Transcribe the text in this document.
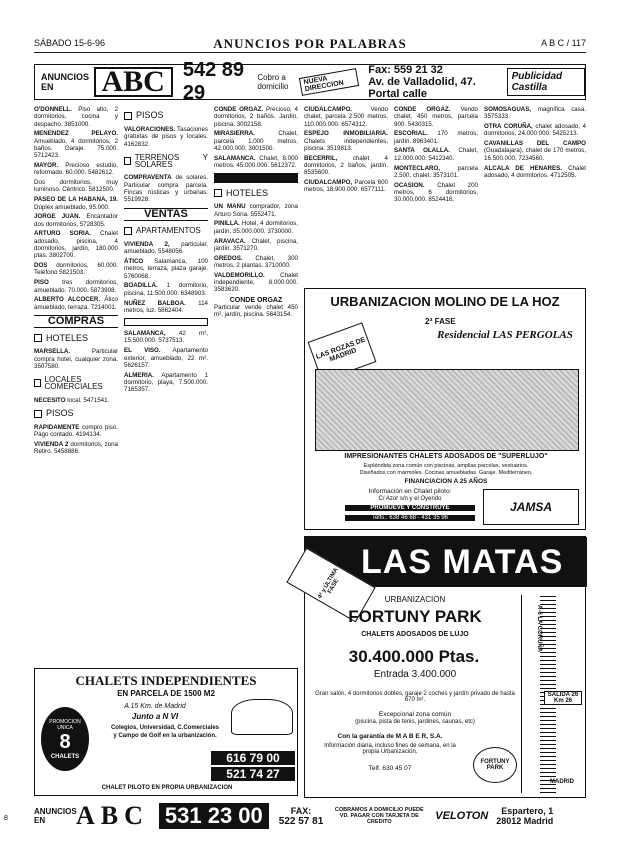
SÁBADO 15-6-96	ANUNCIOS POR PALABRAS	A B C / 117
ANUNCIOS EN	ABC 542 89 29
Cobro a domicilio
NUEVA DIRECCION
Fax: 559 21 32
Av. de Valladolid, 47. Portal calle
Publicidad Castilla

O'DONNELL. Piso alto, 2 dormitorios, cocina y despacho. 3851000.

MENENDEZ PELAYO. Amueblado, 4 dormitorios, 2 baños. Garaje. 75.000. 5712423.

MAYOR. Precioso estudio, reformado. 60.000. 5482612.

Dos dormitorios, muy luminoso. Céntrico. 5812500.

PASEO DE LA HABANA, 19. Dúplex amueblado, 95.000.

JORGE JUAN. Encantador dos dormitorios, 5728305.

ARTURO SORIA. Chalet adosado, piscina, 4 dormitorios, jardín, 180.000 ptas. 3802700.

DOS dormitorios, 60.000. Teléfono 5821503.

PISO tres dormitorios, amueblado. 70.000. 5873908.

ALBERTO ALCOCER. Ático amueblado, terraza. 7214001.

COMPRAS
HOTELES

MARSELLA.	Particular compra hotel, cualquier zona. 3507580.

LOCALES COMERCIALES

NECESITO local. 5471541.

PISOS

RAPIDAMENTE compro piso. Pago contado. 4194134.

VIVIENDA 2 dormitorios, zona Retiro. 5458886.

PISOS

VALORACIONES. Tasaciones gratuitas de pisos y locales. 4162832.

TERRENOS Y SOLARES

COMPRAVENTA de solares. Particular compra parcela. Fincas rústicas y urbanas. 5519928.

VENTAS
APARTAMENTOS

VIVIENDA 2, particular, amueblado, 5548056.

ÁTICO Salamanca, 100 metros, terraza, plaza garaje. 5760068.

BOADILLA. 1 dormitorio, piscina, 11.500.000. 6348903.

NUÑEZ BALBOA. 114 metros, luz. 5862404.

SALAMANCA, 42 m², 15.500.000. 5737513.

EL VISO. Apartamento exterior, amueblado, 22 m². 5626157.

ALMERIA. Apartamento 1 dormitorio, playa, 7.500.000. 7165357.

CONDE ORGAZ. Precioso, 4 dormitorios, 2 baños. Jardín, piscina. 3002158.

MIRASIERRA.	Chalet, parcela 1.000 metros, 42.000.000. 3001500.

SALAMANCA. Chalet, 8.000 metros. 45.000.000. 5612372.

HOTELES

UN MANU comprador, zona Arturo Soria. 5552471.

PINILLA. Hotel, 4 dormitorios, jardín, 35.000.000. 3730000.

ARAVACA. Chalet, piscina, jardín. 3571270.

GREDOS. Chalet, 300 metros, 2 plantas. 3710000.

VALDEMORILLO. Chalet independiente, 8.000.000. 3583620.

CONDE ORGAZ

Particular vende chalet 450 m², jardín, piscina. 5643154.

CIUDALCAMPO.	Vendo chalet, parcela 2.500 metros, 110.000.000. 6574312.

ESPEJO INMOBILIARIA. Chalets independientes, piscina. 3519813.

BECERRIL, chalet 4 dormitorios, 2 baños, jardín. 8535600.

CIUDALCAMPO, Parcela 600 metros, 18.900.000. 6577111.

CONDE ORGAZ. Vendo chalet, 450 metros, parcela 900. 5430315.

ESCORIAL. 170 metros, jardín. 8963401.

SANTA OLALLA. Chalet, 12.000.000. 5412340.

MONTECLARO,	parcela 2.500, chalet. 3573101.

OCASION. Chalet 200 metros, 6 dormitorios, 30.000.000. 8524416.

SOMOSAGUAS, magnífica casa. 3575333.

OTRA CORUÑA, chalet adosado, 4 dormitorios, 24.000.000. 5425213.

CAVANILLAS DEL CAMPO (Guadalajara), chalet de 170 metros, 16.500.000. 7234560.

ALCALA DE HENARES. Chalet adosado, 4 dormitorios. 4712505.

URBANIZACION MOLINO DE LA HOZ
2ª FASE
Residencial LAS PERGOLAS
LAS ROZAS DE MADRID
IMPRESIONANTES CHALETS ADOSADOS DE "SUPERLUJO"
Espléndida zona común con piscinas, amplias parcelas, vestuarios.
Diseñados con mármoles. Cocinas amuebladas. Garaje. Mediterráneo.
FINANCIACION A 25 AÑOS
Información en Chalet piloto:
C/ Azor s/n y el Oyendo
PROMUEVE Y CONSTRUYE
Telfs.: 638 46 68 - 431 35 96
JAMSA
LAS MATAS
4ª y ÚLTIMA FASE
URBANIZACION
FORTUNY PARK
CHALETS ADOSADOS DE LUJO
30.400.000 Ptas.
Entrada 3.400.000
Gran salón, 4 dormitorios dobles, garaje 2 coches y jardín privado de hasta 670 m².
Excepcional zona común
(piscina, pista de tenis, jardines, saunas, etc)
Con la garantía de M A B E R, S.A.
Información diaria, incluso fines de semana, en la propia Urbanización.
Telf. 630 45 07
FORTUNY PARK
A-6 LA CORUÑA
SALIDA 26 Km 26
MADRID
CHALETS INDEPENDIENTES
EN PARCELA DE 1500 M2
A 15 Km. de Madrid
Junto a N VI
Colegios, Universidad, C.Comerciales
y Campo de Golf en la urbanización.
PROMOCION UNICA
8
CHALETS	616 79 00
521 74 27
CHALET PILOTO EN PROPIA URBANIZACION
ANUNCIOS EN	ABC 531 23 00	FAX:
522 57 81
COBRAMOS A DOMICILIO PUEDE VD. PAGAR CON TARJETA DE CREDITO	VELOTON	Espartero, 1
28012 Madrid
8
